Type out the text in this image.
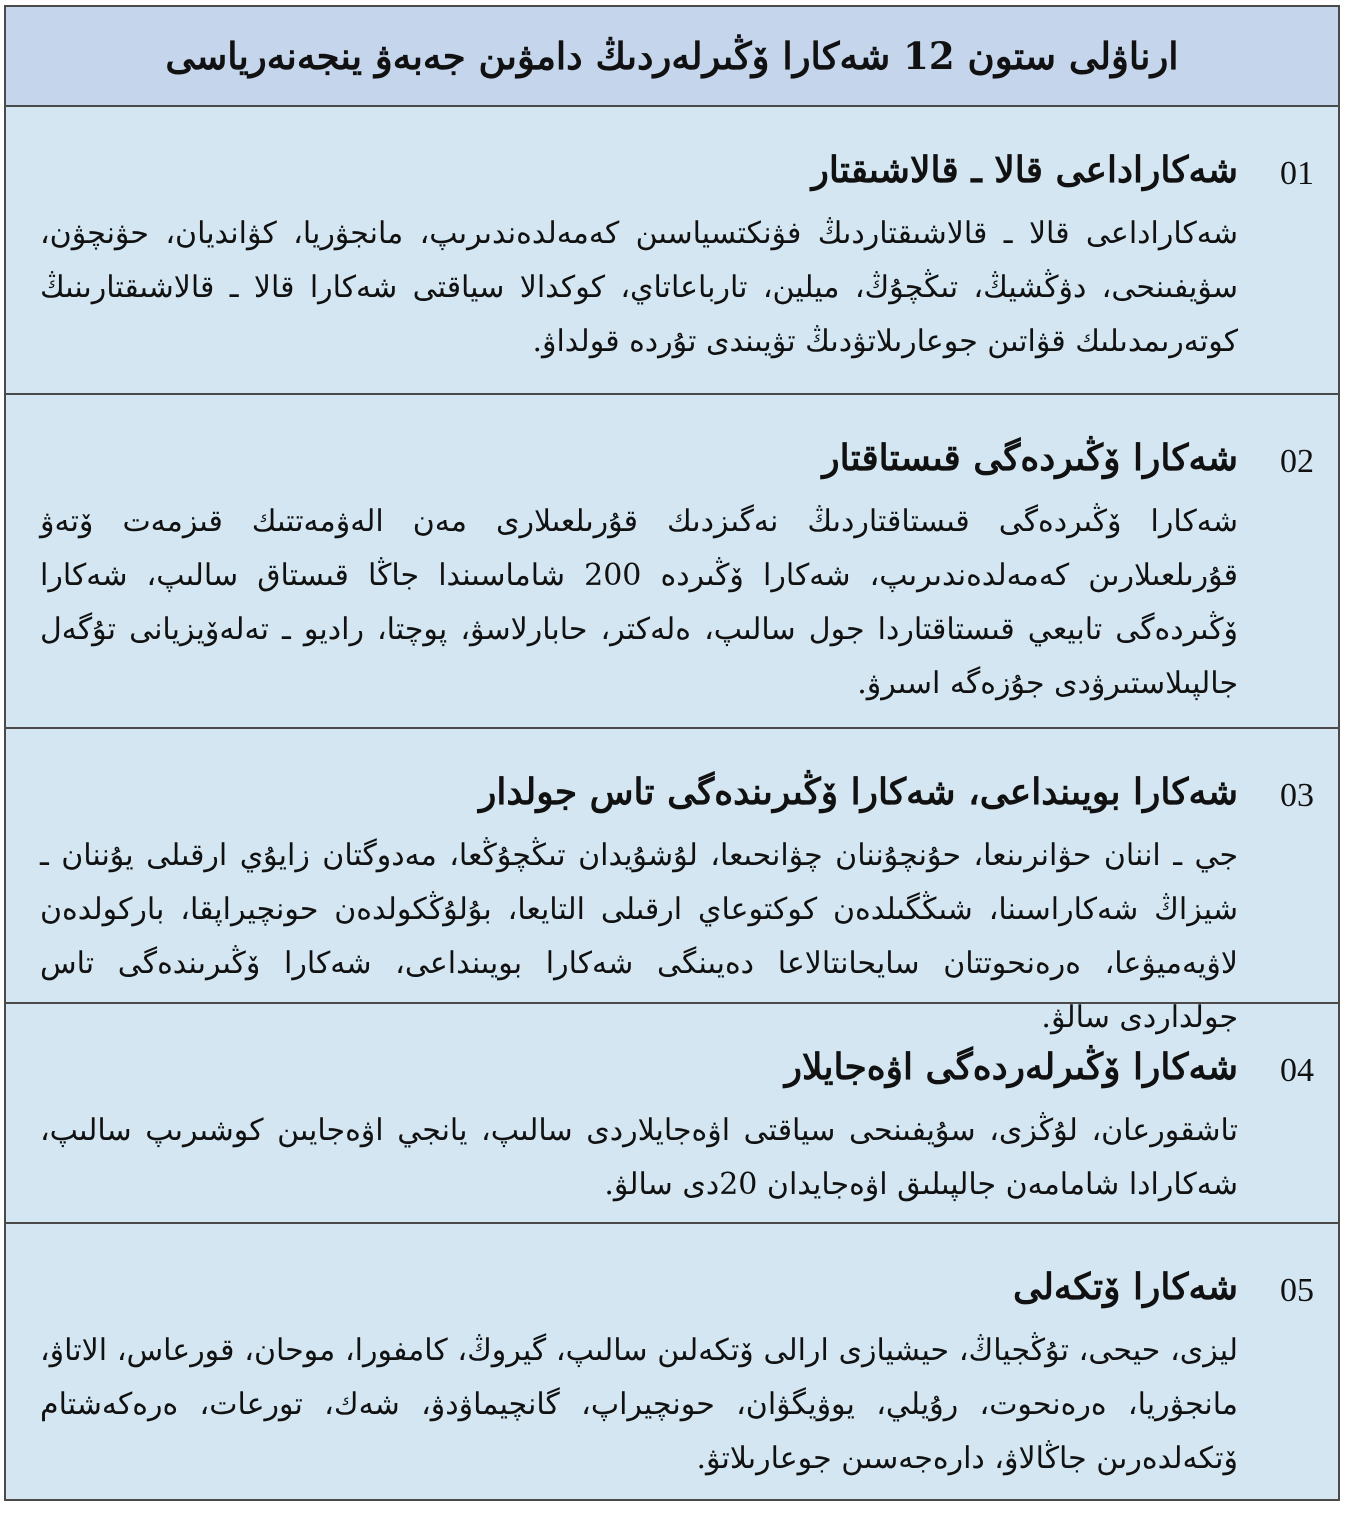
ارناۋلى ستون 12 شەكارا ۆڭىرلەردىڭ دامۋىن جەبەۋ ينجەنەرياسى
01
شەكاراداعى قالا ـ قالاشىقتار
شەكاراداعى قالا ـ قالاشىقتاردىڭ فۋنكتسياسىن كەمەلدەندىرىپ، مانجۋريا، كۋانديان، حۋنچۋن، سۋيفىنحى، دۋڭشيڭ، تىڭچۇڭ، ميلين، تارباعاتاي، كوكدالا سياقتى شەكارا قالا ـ قالاشىقتارىنىڭ كوتەرىمدىلىك قۋاتىن جوعارىلاتۋدىڭ تۋيىندى تۇردە قولداۋ.
02
شەكارا ۆڭىردەگى قىستاقتار
شەكارا ۆڭىردەگى قىستاقتاردىڭ نەگىزدىك قۇرىلعىلارى مەن الەۋمەتتىك قىزمەت ۆتەۋ قۇرىلعىلارىن كەمەلدەندىرىپ، شەكارا ۆڭىردە 200 شاماسىندا جاڭا قىستاق سالىپ، شەكارا ۆڭىردەگى تابيعي قىستاقتاردا جول سالىپ، ەلەكتر، حابارلاسۋ، پوچتا، راديو ـ تەلەۆيزيانى تۇگەل جالپىلاستىرۋدى جۇزەگە اسىرۋ.
03
شەكارا بويىنداعى، شەكارا ۆڭىرىندەگى تاس جولدار
جي ـ اننان حۋانرىنعا، حۇنچۇننان چۋانحىعا، لۇشۇيدان تىڭچۇڭعا، مەدوگتان زايۇي ارقىلى يۇننان ـ شيزاڭ شەكاراسىنا، شىڭگىلدەن كوكتوعاي ارقىلى التايعا، بۇلۇڭكولدەن حونچيراپقا، باركولدەن لاۋيەميۋعا، ەرەنحوتتان سايحانتالاعا دەيىنگى شەكارا بويىنداعى، شەكارا ۆڭىرىندەگى تاس جولداردى سالۋ.
04
شەكارا ۆڭىرلەردەگى اۋەجايلار
تاشقورعان، لۇڭزى، سۇيفىنحى سياقتى اۋەجايلاردى سالىپ، يانجي اۋەجايىن كوشىرىپ سالىپ، شەكارادا شامامەن جالپىلىق اۋەجايدان 20دى سالۋ.
05
شەكارا ۆتكەلى
ليزى، حيحى، تۇڭجياڭ، حيشيازى ارالى ۆتكەلىن سالىپ، گيروڭ، كامفورا، موحان، قورعاس، الاتاۋ، مانجۋريا، ەرەنحوت، رۇيلي، يوۋيگۋان، حونچيراپ، گانچيماۋدۋ، شەك، تورعات، ەرەكەشتام ۆتكەلدەرىن جاڭالاۋ، دارەجەسىن جوعارىلاتۋ.
